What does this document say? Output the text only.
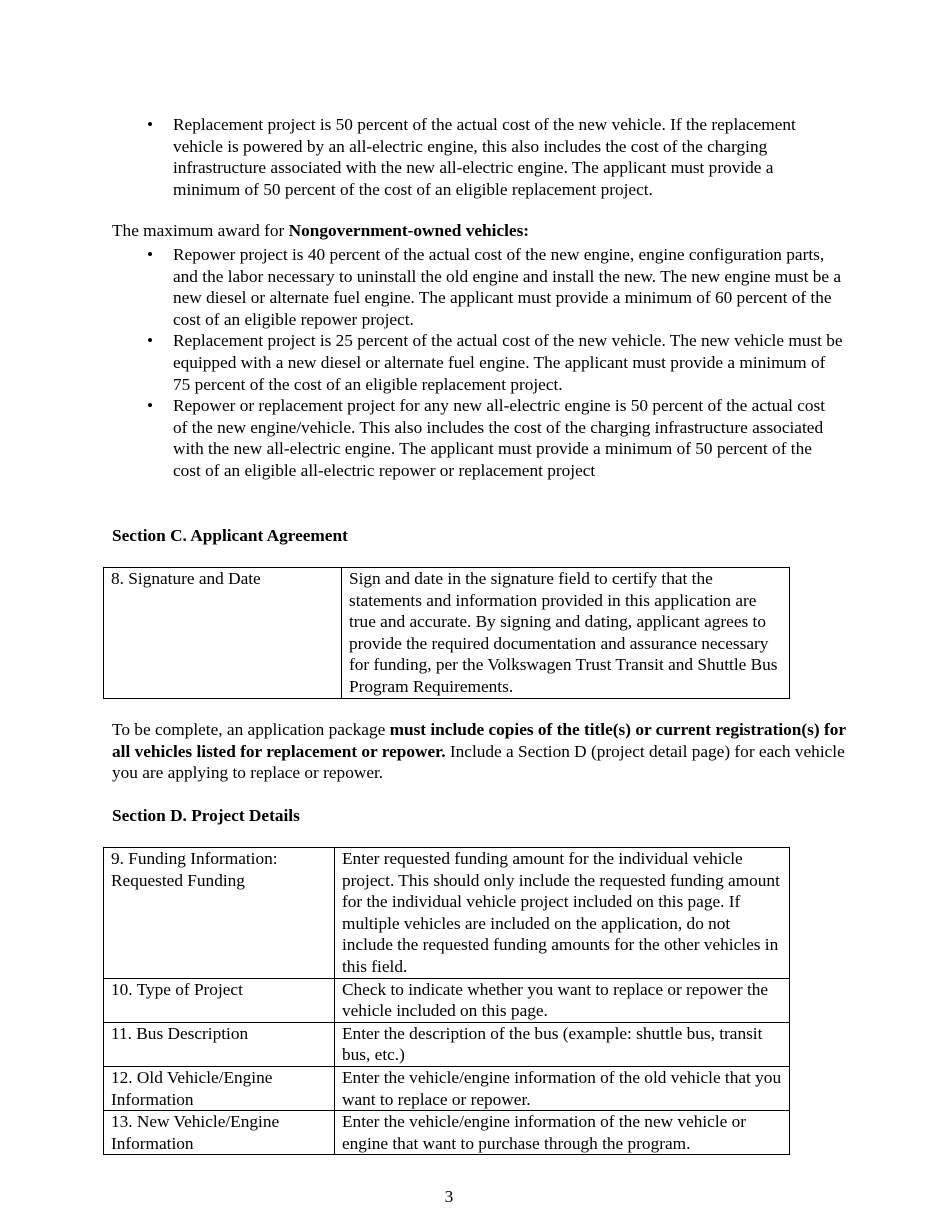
• Replacement project is 50 percent of the actual cost of the new vehicle. If the replacement vehicle is powered by an all-electric engine, this also includes the cost of the charging infrastructure associated with the new all-electric engine. The applicant must provide a minimum of 50 percent of the cost of an eligible replacement project.

The maximum award for Nongovernment-owned vehicles:

• Repower project is 40 percent of the actual cost of the new engine, engine configuration parts, and the labor necessary to uninstall the old engine and install the new. The new engine must be a new diesel or alternate fuel engine. The applicant must provide a minimum of 60 percent of the cost of an eligible repower project.
• Replacement project is 25 percent of the actual cost of the new vehicle. The new vehicle must be equipped with a new diesel or alternate fuel engine. The applicant must provide a minimum of 75 percent of the cost of an eligible replacement project.
• Repower or replacement project for any new all-electric engine is 50 percent of the actual cost of the new engine/vehicle. This also includes the cost of the charging infrastructure associated with the new all-electric engine. The applicant must provide a minimum of 50 percent of the cost of an eligible all-electric repower or replacement project

Section C. Applicant Agreement

8. Signature and Date	Sign and date in the signature field to certify that the statements and information provided in this application are true and accurate. By signing and dating, applicant agrees to provide the required documentation and assurance necessary for funding, per the Volkswagen Trust Transit and Shuttle Bus Program Requirements.

To be complete, an application package must include copies of the title(s) or current registration(s) for all vehicles listed for replacement or repower. Include a Section D (project detail page) for each vehicle you are applying to replace or repower.

Section D. Project Details

9. Funding Information: Requested Funding	Enter requested funding amount for the individual vehicle project. This should only include the requested funding amount for the individual vehicle project included on this page. If multiple vehicles are included on the application, do not include the requested funding amounts for the other vehicles in this field.
10. Type of Project	Check to indicate whether you want to replace or repower the vehicle included on this page.
11. Bus Description	Enter the description of the bus (example: shuttle bus, transit bus, etc.)
12. Old Vehicle/Engine Information	Enter the vehicle/engine information of the old vehicle that you want to replace or repower.
13. New Vehicle/Engine Information	Enter the vehicle/engine information of the new vehicle or engine that want to purchase through the program.
3
